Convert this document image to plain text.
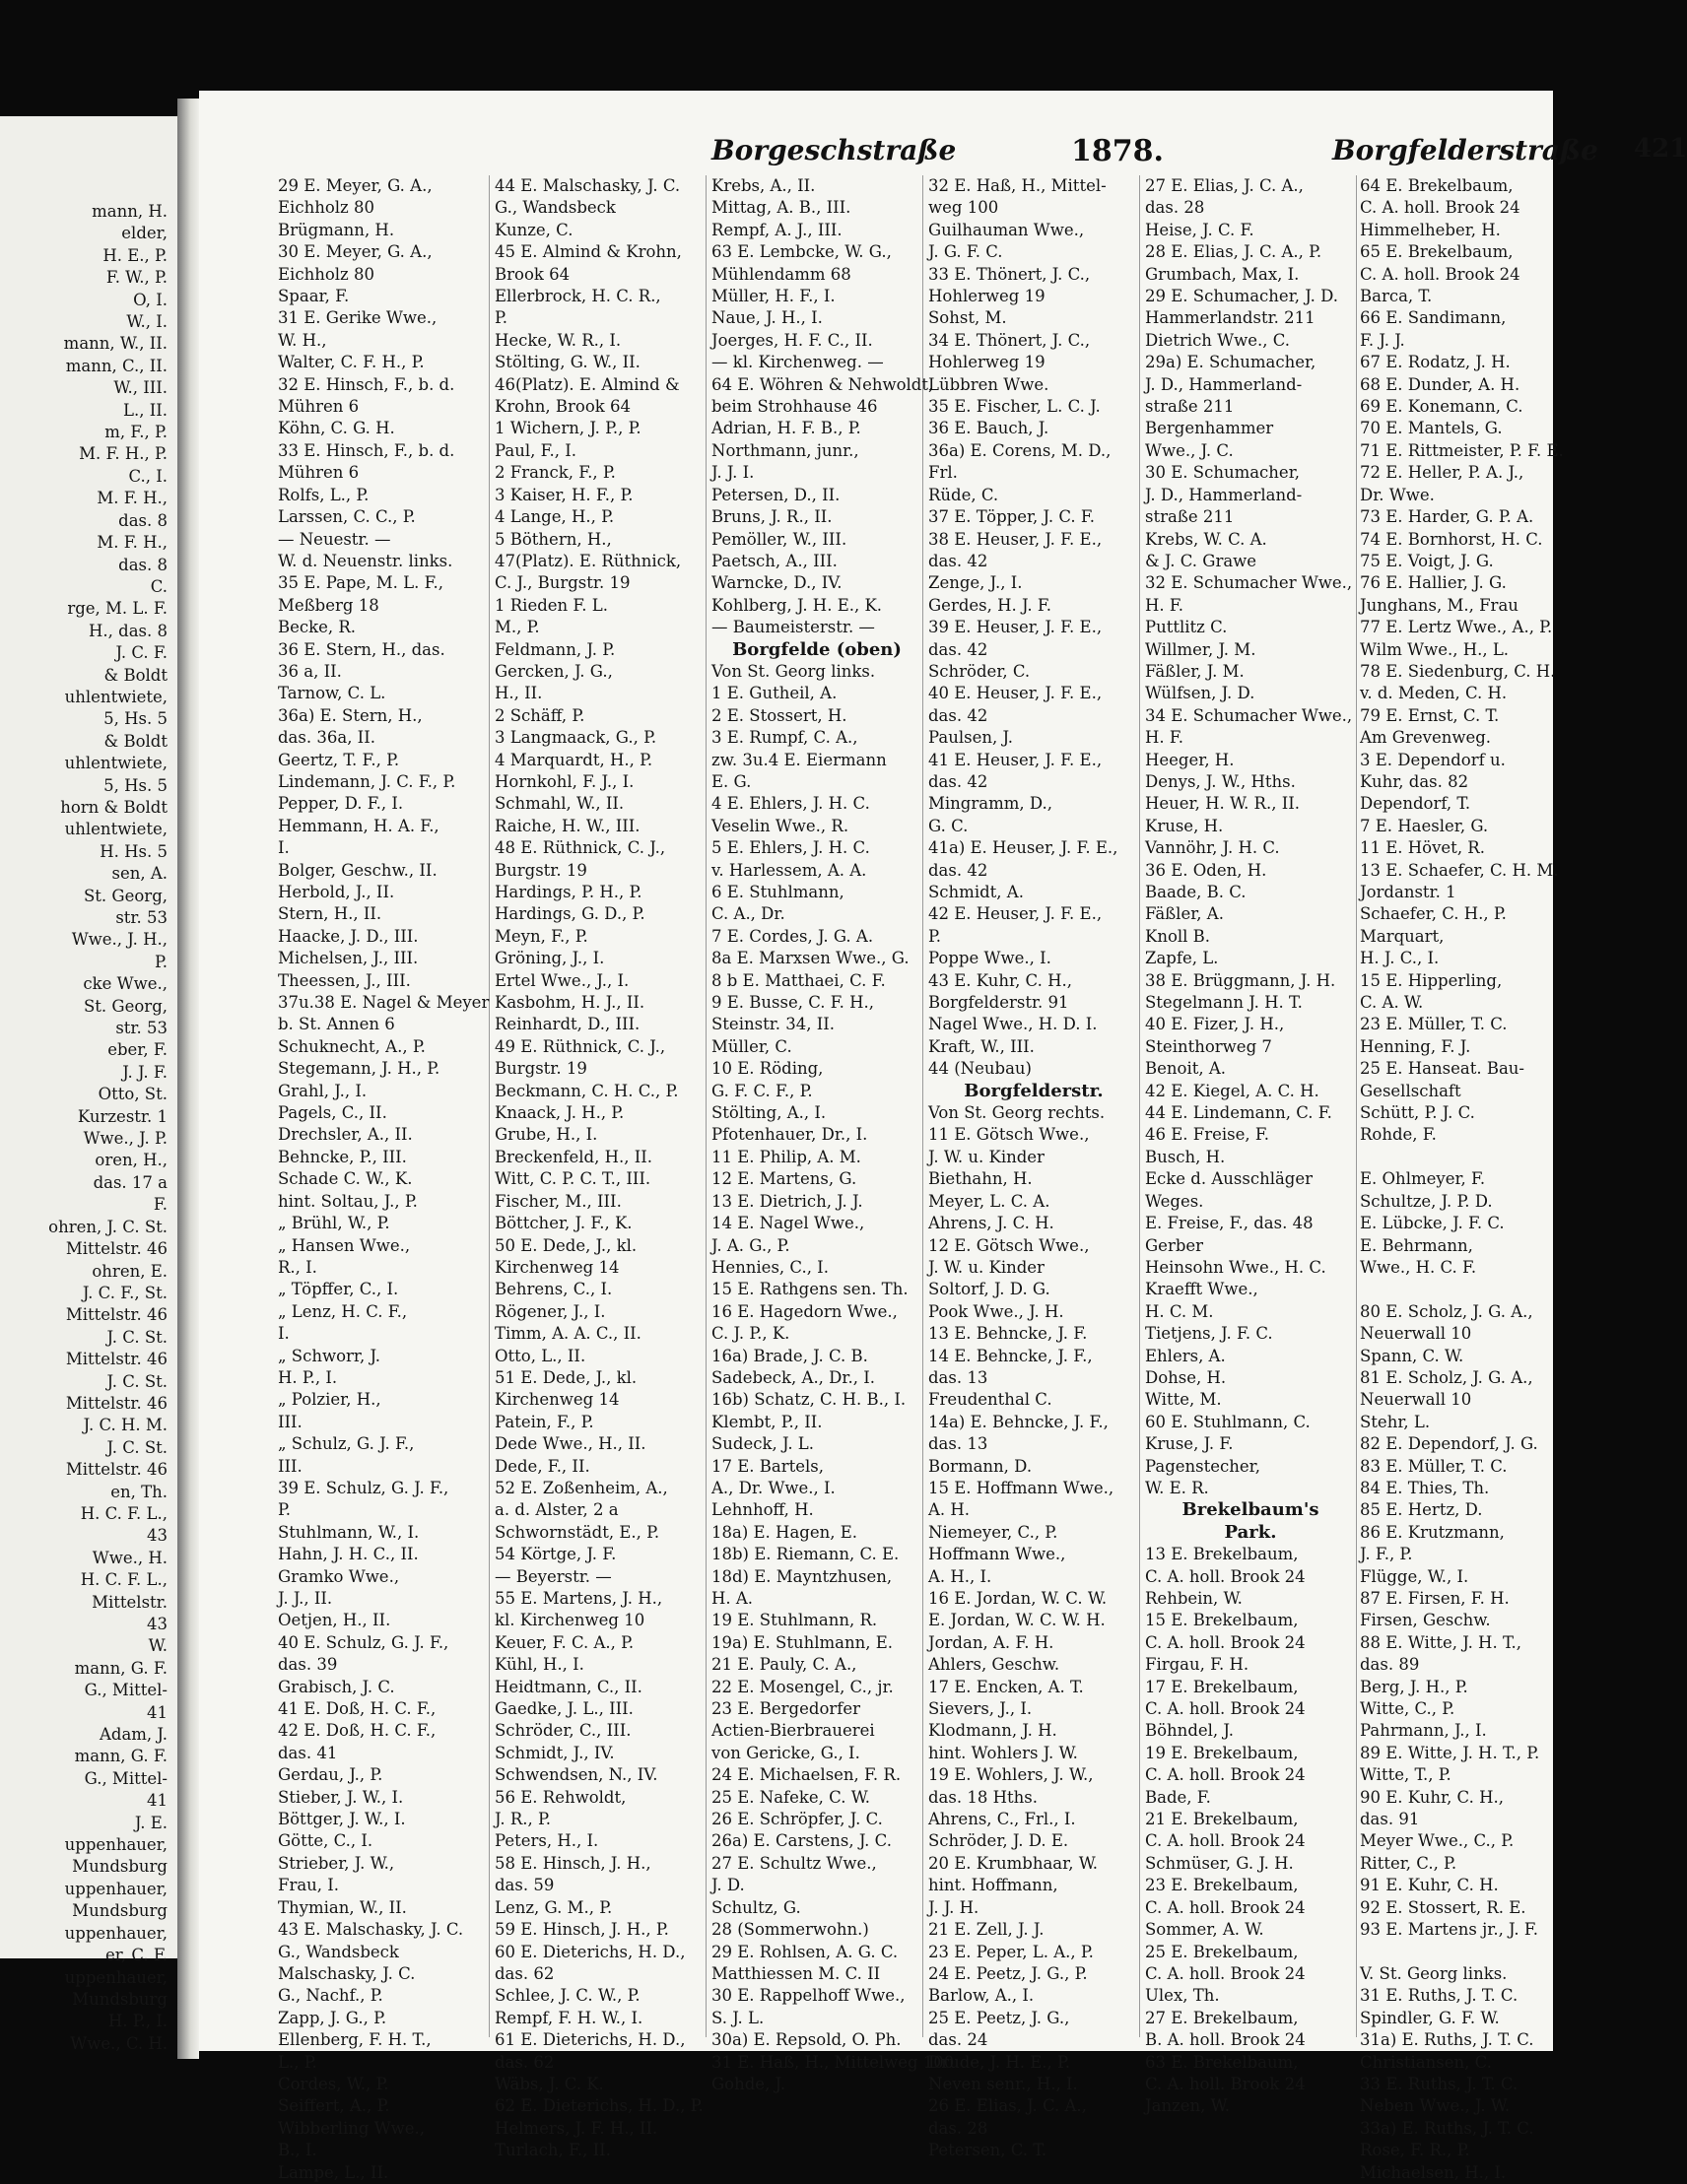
mann, H.
elder,
H. E., P.
F. W., P.
O, I.
W., I.
mann, W., II.
mann, C., II.
W., III.
L., II.
m, F., P.
M. F. H., P.
C., I.
M. F. H.,
das. 8
M. F. H.,
das. 8
C.
rge, M. L. F.
H., das. 8
J. C. F.
& Boldt
uhlentwiete,
5, Hs. 5
& Boldt
uhlentwiete,
5, Hs. 5
horn & Boldt
uhlentwiete,
H. Hs. 5
sen, A.
St. Georg,
str. 53
Wwe., J. H.,
P.
cke Wwe.,
St. Georg,
str. 53
eber, F.
J. J. F.
Otto, St.
Kurzestr. 1
Wwe., J. P.
oren, H.,
das. 17 a
F.
ohren, J. C. St.
Mittelstr. 46
ohren, E.
J. C. F., St.
Mittelstr. 46
J. C. St.
Mittelstr. 46
J. C. St.
Mittelstr. 46
J. C. H. M.
J. C. St.
Mittelstr. 46
en, Th.
H. C. F. L.,
43
Wwe., H.
H. C. F. L.,
Mittelstr.
43
W.
mann, G. F.
G., Mittel-
41
Adam, J.
mann, G. F.
G., Mittel-
41
J. E.
uppenhauer,
Mundsburg
uppenhauer,
Mundsburg
uppenhauer,
er, C. F.
uppenhauer,
Mundsburg
H. P., I.
Wwe., C. H.
Borgeschstraße	1878.	Borgfelderstraße 421
29 E. Meyer, G. A.,
Eichholz 80
Brügmann, H.
30 E. Meyer, G. A.,
Eichholz 80
Spaar, F.
31 E. Gerike Wwe.,
W. H.,
Walter, C. F. H., P.
32 E. Hinsch, F., b. d.
Mühren 6
Köhn, C. G. H.
33 E. Hinsch, F., b. d.
Mühren 6
Rolfs, L., P.
Larssen, C. C., P.
— Neuestr. —
W. d. Neuenstr. links.
35 E. Pape, M. L. F.,
Meßberg 18
Becke, R.
36 E. Stern, H., das.
36 a, II.
Tarnow, C. L.
36a) E. Stern, H.,
das. 36a, II.
Geertz, T. F., P.
Lindemann, J. C. F., P.
Pepper, D. F., I.
Hemmann, H. A. F.,
I.
Bolger, Geschw., II.
Herbold, J., II.
Stern, H., II.
Haacke, J. D., III.
Michelsen, J., III.
Theessen, J., III.
37u.38 E. Nagel & Meyer
b. St. Annen 6
Schuknecht, A., P.
Stegemann, J. H., P.
Grahl, J., I.
Pagels, C., II.
Drechsler, A., II.
Behncke, P., III.
Schade C. W., K.
hint. Soltau, J., P.
„ Brühl, W., P.
„ Hansen Wwe.,
R., I.
„ Töpffer, C., I.
„ Lenz, H. C. F.,
I.
„ Schworr, J.
H. P., I.
„ Polzier, H.,
III.
„ Schulz, G. J. F.,
III.
39 E. Schulz, G. J. F.,
P.
Stuhlmann, W., I.
Hahn, J. H. C., II.
Gramko Wwe.,
J. J., II.
Oetjen, H., II.
40 E. Schulz, G. J. F.,
das. 39
Grabisch, J. C.
41 E. Doß, H. C. F.,
42 E. Doß, H. C. F.,
das. 41
Gerdau, J., P.
Stieber, J. W., I.
Böttger, J. W., I.
Götte, C., I.
Strieber, J. W.,
Frau, I.
Thymian, W., II.
43 E. Malschasky, J. C.
G., Wandsbeck
Malschasky, J. C.
G., Nachf., P.
Zapp, J. G., P.
Ellenberg, F. H. T.,
L., P.
Cordes, W., P.
Seiffert, A., P.
Wibberling Wwe.,
B., I.
Lampe, L., II.
44 E. Malschasky, J. C.
G., Wandsbeck
Kunze, C.
45 E. Almind & Krohn,
Brook 64
Ellerbrock, H. C. R.,
P.
Hecke, W. R., I.
Stölting, G. W., II.
46(Platz). E. Almind &
Krohn, Brook 64
1 Wichern, J. P., P.
Paul, F., I.
2 Franck, F., P.
3 Kaiser, H. F., P.
4 Lange, H., P.
5 Böthern, H.,
47(Platz). E. Rüthnick,
C. J., Burgstr. 19
1 Rieden F. L.
M., P.
Feldmann, J. P.
Gercken, J. G.,
H., II.
2 Schäff, P.
3 Langmaack, G., P.
4 Marquardt, H., P.
Hornkohl, F. J., I.
Schmahl, W., II.
Raiche, H. W., III.
48 E. Rüthnick, C. J.,
Burgstr. 19
Hardings, P. H., P.
Hardings, G. D., P.
Meyn, F., P.
Gröning, J., I.
Ertel Wwe., J., I.
Kasbohm, H. J., II.
Reinhardt, D., III.
49 E. Rüthnick, C. J.,
Burgstr. 19
Beckmann, C. H. C., P.
Knaack, J. H., P.
Grube, H., I.
Breckenfeld, H., II.
Witt, C. P. C. T., III.
Fischer, M., III.
Böttcher, J. F., K.
50 E. Dede, J., kl.
Kirchenweg 14
Behrens, C., I.
Rögener, J., I.
Timm, A. A. C., II.
Otto, L., II.
51 E. Dede, J., kl.
Kirchenweg 14
Patein, F., P.
Dede Wwe., H., II.
Dede, F., II.
52 E. Zoßenheim, A.,
a. d. Alster, 2 a
Schwornstädt, E., P.
54 Körtge, J. F.
— Beyerstr. —
55 E. Martens, J. H.,
kl. Kirchenweg 10
Keuer, F. C. A., P.
Kühl, H., I.
Heidtmann, C., II.
Gaedke, J. L., III.
Schröder, C., III.
Schmidt, J., IV.
Schwendsen, N., IV.
56 E. Rehwoldt,
J. R., P.
Peters, H., I.
58 E. Hinsch, J. H.,
das. 59
Lenz, G. M., P.
59 E. Hinsch, J. H., P.
60 E. Dieterichs, H. D.,
das. 62
Schlee, J. C. W., P.
Rempf, F. H. W., I.
61 E. Dieterichs, H. D.,
das. 62
Wäbs, J. C. K.
62 E. Dieterichs, H. D., P.
Helmers, J. F. H., II.
Turlach, F., II.
Krebs, A., II.
Mittag, A. B., III.
Rempf, A. J., III.
63 E. Lembcke, W. G.,
Mühlendamm 68
Müller, H. F., I.
Naue, J. H., I.
Joerges, H. F. C., II.
— kl. Kirchenweg. —
64 E. Wöhren & Nehwoldt,
beim Strohhause 46
Adrian, H. F. B., P.
Northmann, junr.,
J. J. I.
Petersen, D., II.
Bruns, J. R., II.
Pemöller, W., III.
Paetsch, A., III.
Warncke, D., IV.
Kohlberg, J. H. E., K.
— Baumeisterstr. —
Borgfelde (oben)
Von St. Georg links.
1 E. Gutheil, A.
2 E. Stossert, H.
3 E. Rumpf, C. A.,
zw. 3u.4 E. Eiermann
E. G.
4 E. Ehlers, J. H. C.
Veselin Wwe., R.
5 E. Ehlers, J. H. C.
v. Harlessem, A. A.
6 E. Stuhlmann,
C. A., Dr.
7 E. Cordes, J. G. A.
8a E. Marxsen Wwe., G.
8 b E. Matthaei, C. F.
9 E. Busse, C. F. H.,
Steinstr. 34, II.
Müller, C.
10 E. Röding,
G. F. C. F., P.
Stölting, A., I.
Pfotenhauer, Dr., I.
11 E. Philip, A. M.
12 E. Martens, G.
13 E. Dietrich, J. J.
14 E. Nagel Wwe.,
J. A. G., P.
Hennies, C., I.
15 E. Rathgens sen. Th.
16 E. Hagedorn Wwe.,
C. J. P., K.
16a) Brade, J. C. B.
Sadebeck, A., Dr., I.
16b) Schatz, C. H. B., I.
Klembt, P., II.
Sudeck, J. L.
17 E. Bartels,
A., Dr. Wwe., I.
Lehnhoff, H.
18a) E. Hagen, E.
18b) E. Riemann, C. E.
18d) E. Mayntzhusen,
H. A.
19 E. Stuhlmann, R.
19a) E. Stuhlmann, E.
21 E. Pauly, C. A.,
22 E. Mosengel, C., jr.
23 E. Bergedorfer
Actien-Bierbrauerei
von Gericke, G., I.
24 E. Michaelsen, F. R.
25 E. Nafeke, C. W.
26 E. Schröpfer, J. C.
26a) E. Carstens, J. C.
27 E. Schultz Wwe.,
J. D.
Schultz, G.
28 (Sommerwohn.)
29 E. Rohlsen, A. G. C.
Matthiessen M. C. II
30 E. Rappelhoff Wwe.,
S. J. L.
30a) E. Repsold, O. Ph.
31 E. Haß, H., Mittelweg 100
Gohde, J.
32 E. Haß, H., Mittel-
weg 100
Guilhauman Wwe.,
J. G. F. C.
33 E. Thönert, J. C.,
Hohlerweg 19
Sohst, M.
34 E. Thönert, J. C.,
Hohlerweg 19
Lübbren Wwe.
35 E. Fischer, L. C. J.
36 E. Bauch, J.
36a) E. Corens, M. D.,
Frl.
Rüde, C.
37 E. Töpper, J. C. F.
38 E. Heuser, J. F. E.,
das. 42
Zenge, J., I.
Gerdes, H. J. F.
39 E. Heuser, J. F. E.,
das. 42
Schröder, C.
40 E. Heuser, J. F. E.,
das. 42
Paulsen, J.
41 E. Heuser, J. F. E.,
das. 42
Mingramm, D.,
G. C.
41a) E. Heuser, J. F. E.,
das. 42
Schmidt, A.
42 E. Heuser, J. F. E.,
P.
Poppe Wwe., I.
43 E. Kuhr, C. H.,
Borgfelderstr. 91
Nagel Wwe., H. D. I.
Kraft, W., III.
44 (Neubau)
Borgfelderstr.
Von St. Georg rechts.
11 E. Götsch Wwe.,
J. W. u. Kinder
Biethahn, H.
Meyer, L. C. A.
Ahrens, J. C. H.
12 E. Götsch Wwe.,
J. W. u. Kinder
Soltorf, J. D. G.
Pook Wwe., J. H.
13 E. Behncke, J. F.
14 E. Behncke, J. F.,
das. 13
Freudenthal C.
14a) E. Behncke, J. F.,
das. 13
Bormann, D.
15 E. Hoffmann Wwe.,
A. H.
Niemeyer, C., P.
Hoffmann Wwe.,
A. H., I.
16 E. Jordan, W. C. W.
E. Jordan, W. C. W. H.
Jordan, A. F. H.
Ahlers, Geschw.
17 E. Encken, A. T.
Sievers, J., I.
Klodmann, J. H.
hint. Wohlers J. W.
19 E. Wohlers, J. W.,
das. 18 Hths.
Ahrens, C., Frl., I.
Schröder, J. D. E.
20 E. Krumbhaar, W.
hint. Hoffmann,
J. J. H.
21 E. Zell, J. J.
23 E. Peper, L. A., P.
24 E. Peetz, J. G., P.
Barlow, A., I.
25 E. Peetz, J. G.,
das. 24
Drude, J. H. E., P.
Neven senr., H., I.
26 E. Elias, J. C. A.,
das. 28
Petersen, C. T.
27 E. Elias, J. C. A.,
das. 28
Heise, J. C. F.
28 E. Elias, J. C. A., P.
Grumbach, Max, I.
29 E. Schumacher, J. D.
Hammerlandstr. 211
Dietrich Wwe., C.
29a) E. Schumacher,
J. D., Hammerland-
straße 211
Bergenhammer
Wwe., J. C.
30 E. Schumacher,
J. D., Hammerland-
straße 211
Krebs, W. C. A.
& J. C. Grawe
32 E. Schumacher Wwe.,
H. F.
Puttlitz C.
Willmer, J. M.
Fäßler, J. M.
Wülfsen, J. D.
34 E. Schumacher Wwe.,
H. F.
Heeger, H.
Denys, J. W., Hths.
Heuer, H. W. R., II.
Kruse, H.
Vannöhr, J. H. C.
36 E. Oden, H.
Baade, B. C.
Fäßler, A.
Knoll B.
Zapfe, L.
38 E. Brüggmann, J. H.
Stegelmann J. H. T.
40 E. Fizer, J. H.,
Steinthorweg 7
Benoit, A.
42 E. Kiegel, A. C. H.
44 E. Lindemann, C. F.
46 E. Freise, F.
Busch, H.
Ecke d. Ausschläger
Weges.
E. Freise, F., das. 48
Gerber
Heinsohn Wwe., H. C.
Kraefft Wwe.,
H. C. M.
Tietjens, J. F. C.
Ehlers, A.
Dohse, H.
Witte, M.
60 E. Stuhlmann, C.
Kruse, J. F.
Pagenstecher,
W. E. R.
Brekelbaum's
Park.
13 E. Brekelbaum,
C. A. holl. Brook 24
Rehbein, W.
15 E. Brekelbaum,
C. A. holl. Brook 24
Firgau, F. H.
17 E. Brekelbaum,
C. A. holl. Brook 24
Böhndel, J.
19 E. Brekelbaum,
C. A. holl. Brook 24
Bade, F.
21 E. Brekelbaum,
C. A. holl. Brook 24
Schmüser, G. J. H.
23 E. Brekelbaum,
C. A. holl. Brook 24
Sommer, A. W.
25 E. Brekelbaum,
C. A. holl. Brook 24
Ulex, Th.
27 E. Brekelbaum,
B. A. holl. Brook 24
63 E. Brekelbaum,
C. A. holl. Brook 24
Janzen, W.
64 E. Brekelbaum,
C. A. holl. Brook 24
Himmelheber, H.
65 E. Brekelbaum,
C. A. holl. Brook 24
Barca, T.
66 E. Sandimann,
F. J. J.
67 E. Rodatz, J. H.
68 E. Dunder, A. H.
69 E. Konemann, C.
70 E. Mantels, G.
71 E. Rittmeister, P. F. E.
72 E. Heller, P. A. J.,
Dr. Wwe.
73 E. Harder, G. P. A.
74 E. Bornhorst, H. C.
75 E. Voigt, J. G.
76 E. Hallier, J. G.
Junghans, M., Frau
77 E. Lertz Wwe., A., P.
Wilm Wwe., H., L.
78 E. Siedenburg, C. H.
v. d. Meden, C. H.
79 E. Ernst, C. T.
Am Grevenweg.
3 E. Dependorf u.
Kuhr, das. 82
Dependorf, T.
7 E. Haesler, G.
11 E. Hövet, R.
13 E. Schaefer, C. H. M.
Jordanstr. 1
Schaefer, C. H., P.
Marquart,
H. J. C., I.
15 E. Hipperling,
C. A. W.
23 E. Müller, T. C.
Henning, F. J.
25 E. Hanseat. Bau-
Gesellschaft
Schütt, P. J. C.
Rohde, F.

E. Ohlmeyer, F.
Schultze, J. P. D.
E. Lübcke, J. F. C.
E. Behrmann,
Wwe., H. C. F.

80 E. Scholz, J. G. A.,
Neuerwall 10
Spann, C. W.
81 E. Scholz, J. G. A.,
Neuerwall 10
Stehr, L.
82 E. Dependorf, J. G.
83 E. Müller, T. C.
84 E. Thies, Th.
85 E. Hertz, D.
86 E. Krutzmann,
J. F., P.
Flügge, W., I.
87 E. Firsen, F. H.
Firsen, Geschw.
88 E. Witte, J. H. T.,
das. 89
Berg, J. H., P.
Witte, C., P.
Pahrmann, J., I.
89 E. Witte, J. H. T., P.
Witte, T., P.
90 E. Kuhr, C. H.,
das. 91
Meyer Wwe., C., P.
Ritter, C., P.
91 E. Kuhr, C. H.
92 E. Stossert, R. E.
93 E. Martens jr., J. F.

V. St. Georg links.
31 E. Ruths, J. T. C.
Spindler, G. F. W.
31a) E. Ruths, J. T. C.
Christiansen, C.
33 E. Ruths, J. T. C.
Neben Wwe., J. W.
33a) E. Ruths, J. T. C.
Rose, F. R., P.
Michaelsen, H., I.
